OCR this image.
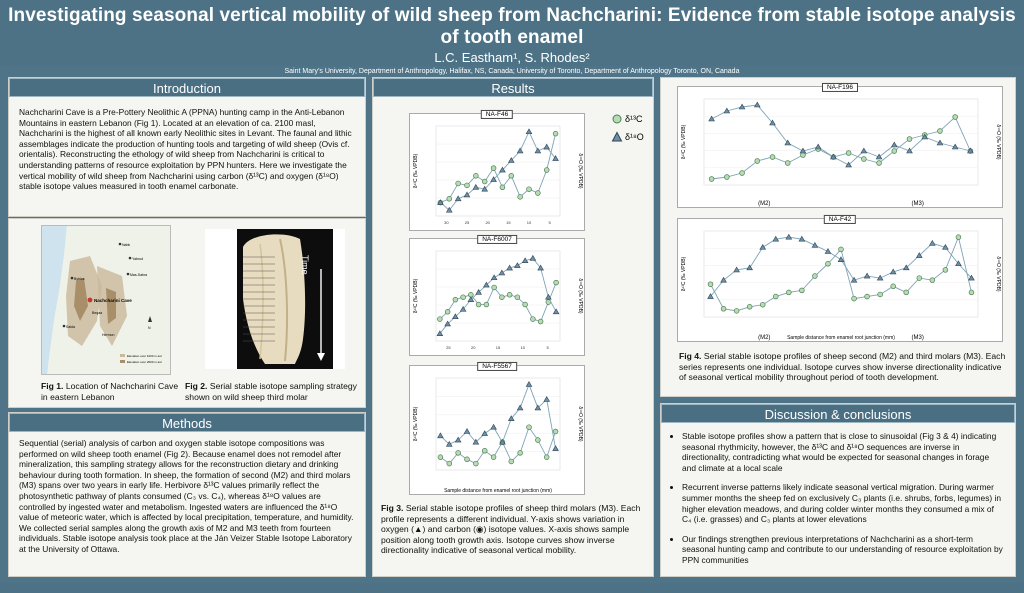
Investigating seasonal vertical mobility of wild sheep from Nachcharini: Evidence from stable isotope analysis of tooth enamel
L.C. Eastham¹, S. Rhodes²
Saint Mary’s University, Department of Anthropology, Halifax, NS, Canada; University of Toronto, Department of Anthropology Toronto, ON, Canada
Introduction
Nachcharini Cave is a Pre-Pottery Neolithic A (PPNA) hunting camp in the Anti-Lebanon Mountains in eastern Lebanon (Fig 1). Located at an elevation of ca. 2100 masl, Nachcharini is the highest of all known early Neolithic sites in Levant. The faunal and lithic assemblages indicate the production of hunting tools and targeting of wild sheep (Ovis cf. orientalis). Reconstructing the ethology of wild sheep from Nachcharini is critical to understanding patterns of resource exploitation by PPN hunters. Here we investigate the vertical mobility of wild sheep from Nachcharini using carbon (δ¹³C) and oxygen (δ¹⁸O) stable isotope values measured in tooth enamel carbonate.
Nachcharini Cave
Nabk
Yabrud
Mas-Sabra
Byblos
Saida
Hermon
Beqaa
Elevation over 1000 m asl
Elevation over 2000 m asl
N	Sample locations
Time
Fig 1. Location of Nachcharini Cave in eastern Lebanon
Fig 2. Serial stable isotope sampling strategy shown on wild sheep third molar
Methods
Sequential (serial) analysis of carbon and oxygen stable isotope compositions was performed on wild sheep tooth enamel (Fig 2). Because enamel does not remodel after mineralization, this sampling strategy allows for the reconstruction dietary and drinking behaviour during tooth formation. In sheep, the formation of second (M2) and third molars (M3) spans over two years in early life. Herbivore δ¹³C values primarily reflect the photosynthetic pathway of plants consumed (C₃ vs. C₄), whereas δ¹⁸O values are controlled by ingested water and metabolism. Ingested waters are influenced the δ¹⁸O value of meteoric water, which is affected by local precipitation, temperature, and humidity. We collected serial samples along the growth axis of M2 and M3 teeth from fourteen individuals. Stable isotope analysis took place at the Ján Veizer Stable Isotope Laboratory at the University of Ottawa.
Results
NA-F46
30	25	20	15	10	5
δ¹³C (‰ VPDB)	δ¹⁸O (‰ VPDB)
δ¹³C
δ¹⁸O
NA-F6007
25	20	15	10	5
δ¹³C (‰ VPDB)	δ¹⁸O (‰ VPDB)
NA-F5567
δ¹³C (‰ VPDB)	δ¹⁸O (‰ VPDB)
Sample distance from enamel root junction (mm)
Fig 3. Serial stable isotope profiles of sheep third molars (M3). Each profile represents a different individual. Y-axis shows variation in oxygen (▲) and carbon (◉) isotope values. X-axis shows sample position along tooth growth axis. Isotope curves show inverse directionality indicative of seasonal vertical mobility.
NA-F196
δ¹³C (‰ VPDB)	δ¹⁸O (‰ VPDB)
(M2)	(M3)
NA-F42
δ¹³C (‰ VPDB)	δ¹⁸O (‰ VPDB)
(M2)	(M3)
Sample distance from enamel root junction (mm)
Fig 4. Serial stable isotope profiles of sheep second (M2) and third molars (M3). Each series represents one individual. Isotope curves show inverse directionality indicative of seasonal vertical mobility throughout period of tooth development.
Discussion & conclusions
• Stable isotope profiles show a pattern that is close to sinusoidal (Fig 3 & 4) indicating seasonal rhythmicity, however, the δ¹³C and δ¹⁸O sequences are inverse in directionality, contradicting what would be expected for seasonal changes in forage and climate at a local scale
• Recurrent inverse patterns likely indicate seasonal vertical migration. During warmer summer months the sheep fed on exclusively C₃ plants (i.e. shrubs, forbs, legumes) in higher elevation meadows, and during colder winter months they consumed a mix of C₄ (i.e. grasses) and C₃ plants at lower elevations
• Our findings strengthen previous interpretations of Nachcharini as a short-term seasonal hunting camp and contribute to our understanding of resource exploitation by PPN communities
